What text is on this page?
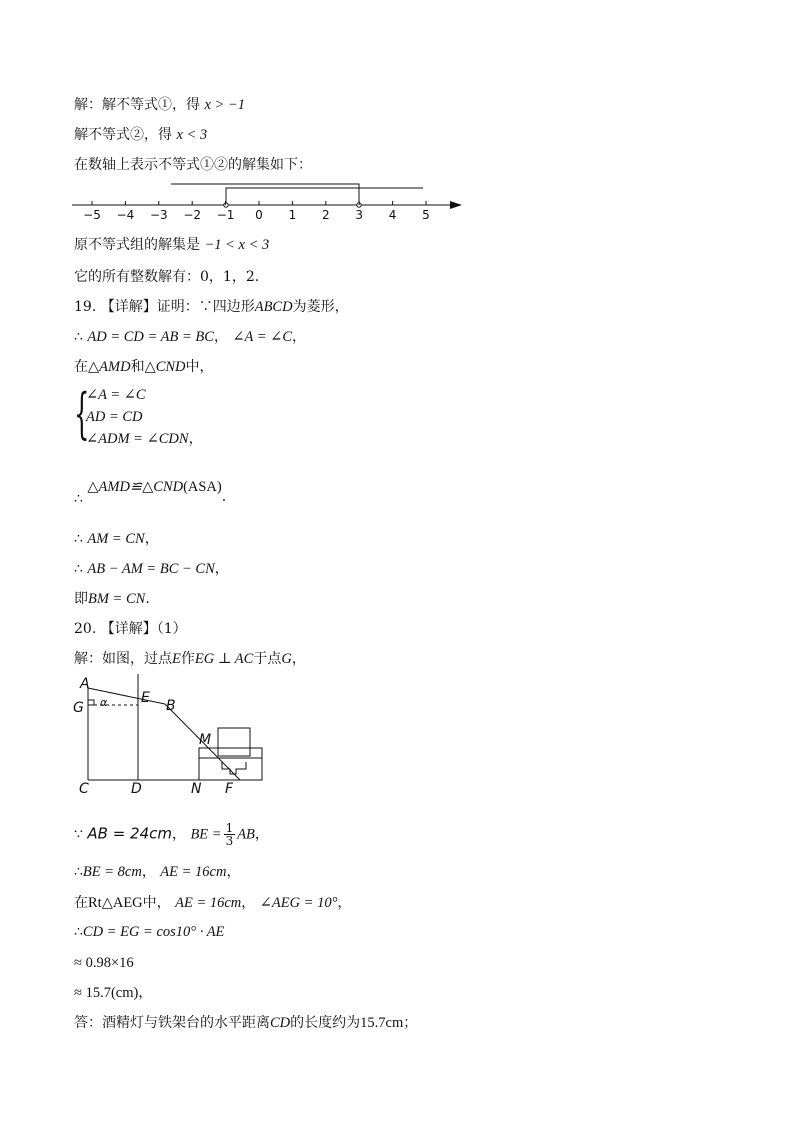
解：解不等式①，得 x > −1
解不等式②，得 x < 3
在数轴上表示不等式①②的解集如下：
−5 −4 −3 −2 −1 0 1 2 3 4 5
原不等式组的解集是 −1 < x < 3
它的所有整数解有：0，1，2.
19. 【详解】证明：∵四边形ABCD为菱形，
∴ AD = CD = AB = BC， ∠A = ∠C，
在△AMD和△CND中，
{
∠A = ∠C
AD = CD
∠ADM = ∠CDN，
∴ △AMD≌△CND(ASA).
∴ AM = CN，
∴ AB − AM = BC − CN，
即BM = CN.
20. 【详解】（1）
解：如图，过点E作EG ⊥ AC于点G，
A
G α E B
M
C	D	N F
∵ AB = 24cm， BE = $\frac{1}{3}$ AB，
∴BE = 8cm， AE = 16cm，
在Rt△AEG中， AE = 16cm， ∠AEG = 10°，
∴CD = EG = cos10° · AE
≈ 0.98×16
≈ 15.7(cm)，
答：酒精灯与铁架台的水平距离CD的长度约为15.7cm；
